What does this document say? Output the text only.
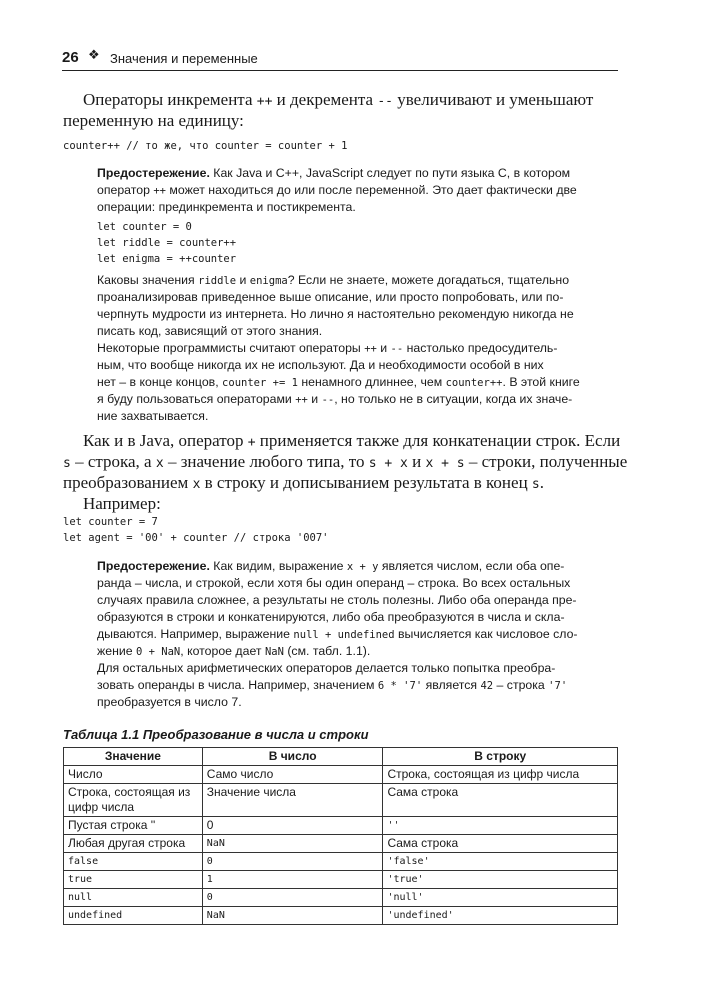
26 ❖ Значения и переменные
Операторы инкремента ++ и декремента -- увеличивают и уменьшают
переменную на единицу:
counter++ // то же, что counter = counter + 1
Предостережение. Как Java и C++, JavaScript следует по пути языка C, в котором
оператор ++ может находиться до или после переменной. Это дает фактически две
операции: прединкремента и постикремента.
let counter = 0
let riddle = counter++
let enigma = ++counter
Каковы значения riddle и enigma? Если не знаете, можете догадаться, тщательно
проанализировав приведенное выше описание, или просто попробовать, или по-
черпнуть мудрости из интернета. Но лично я настоятельно рекомендую никогда не
писать код, зависящий от этого знания.
Некоторые программисты считают операторы ++ и -- настолько предосудитель-
ным, что вообще никогда их не используют. Да и необходимости особой в них
нет – в конце концов, counter += 1 ненамного длиннее, чем counter++. В этой книге
я буду пользоваться операторами ++ и --, но только не в ситуации, когда их значе-
ние захватывается.
Как и в Java, оператор + применяется также для конкатенации строк. Если
s – строка, а x – значение любого типа, то s + x и x + s – строки, полученные
преобразованием x в строку и дописыванием результата в конец s.
Например:
let counter = 7
let agent = '00' + counter // строка '007'
Предостережение. Как видим, выражение x + y является числом, если оба опе-
ранда – числа, и строкой, если хотя бы один операнд – строка. Во всех остальных
случаях правила сложнее, а результаты не столь полезны. Либо оба операнда пре-
образуются в строки и конкатенируются, либо оба преобразуются в числа и скла-
дываются. Например, выражение null + undefined вычисляется как числовое сло-
жение 0 + NaN, которое дает NaN (см. табл. 1.1).
Для остальных арифметических операторов делается только попытка преобра-
зовать операнды в числа. Например, значением 6 * '7' является 42 – строка '7'
преобразуется в число 7.
Таблица 1.1 Преобразование в числа и строки
Значение	В число	В строку
Число	Само число	Строка, состоящая из цифр числа
Строка, состоящая из цифр числа	Значение числа	Сама строка
Пустая строка ''	0	''
Любая другая строка	NaN	Сама строка
false	0	'false'
true	1	'true'
null	0	'null'
undefined	NaN	'undefined'
